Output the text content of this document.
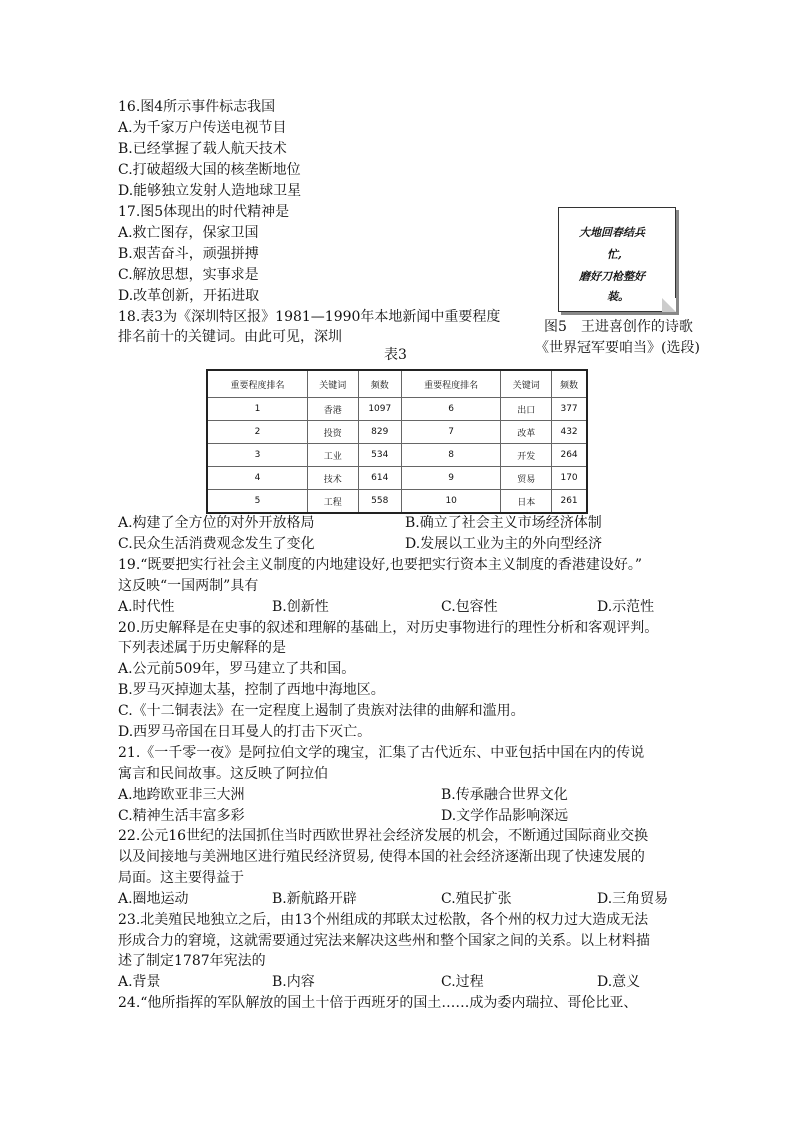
16.图4所示事件标志我国
A.为千家万户传送电视节目
B.已经掌握了载人航天技术
C.打破超级大国的核垄断地位
D.能够独立发射人造地球卫星
17.图5体现出的时代精神是
A.救亡图存，保家卫国
B.艰苦奋斗，顽强拼搏
C.解放思想，实事求是
D.改革创新，开拓进取
大地回春结兵
忙,
磨好刀枪整好
装。
图5　王进喜创作的诗歌
《世界冠军要咱当》(选段)
18.表3为《深圳特区报》1981—1990年本地新闻中重要程度
排名前十的关键词。由此可见，深圳
表3
重要程度排名	关键词	频数	重要程度排名	关键词	频数
1	香港	1097	6	出口	377
2	投资	829	7	改革	432
3	工业	534	8	开发	264
4	技术	614	9	贸易	170
5	工程	558	10	日本	261
A.构建了全方位的对外开放格局	B.确立了社会主义市场经济体制
C.民众生活消费观念发生了变化	D.发展以工业为主的外向型经济
19.“既要把实行社会主义制度的内地建设好,也要把实行资本主义制度的香港建设好。”
这反映“一国两制”具有
A.时代性	B.创新性	C.包容性	D.示范性
20.历史解释是在史事的叙述和理解的基础上，对历史事物进行的理性分析和客观评判。
下列表述属于历史解释的是
A.公元前509年，罗马建立了共和国。
B.罗马灭掉迦太基，控制了西地中海地区。
C.《十二铜表法》在一定程度上遏制了贵族对法律的曲解和滥用。
D.西罗马帝国在日耳曼人的打击下灭亡。
21.《一千零一夜》是阿拉伯文学的瑰宝，汇集了古代近东、中亚包括中国在内的传说
寓言和民间故事。这反映了阿拉伯
A.地跨欧亚非三大洲	B.传承融合世界文化
C.精神生活丰富多彩	D.文学作品影响深远
22.公元16世纪的法国抓住当时西欧世界社会经济发展的机会，不断通过国际商业交换
以及间接地与美洲地区进行殖民经济贸易, 使得本国的社会经济逐渐出现了快速发展的
局面。这主要得益于
A.圈地运动	B.新航路开辟	C.殖民扩张	D.三角贸易
23.北美殖民地独立之后，由13个州组成的邦联太过松散，各个州的权力过大造成无法
形成合力的窘境，这就需要通过宪法来解决这些州和整个国家之间的关系。以上材料描
述了制定1787年宪法的
A.背景	B.内容	C.过程	D.意义
24.“他所指挥的军队解放的国土十倍于西班牙的国土……成为委内瑞拉、哥伦比亚、
